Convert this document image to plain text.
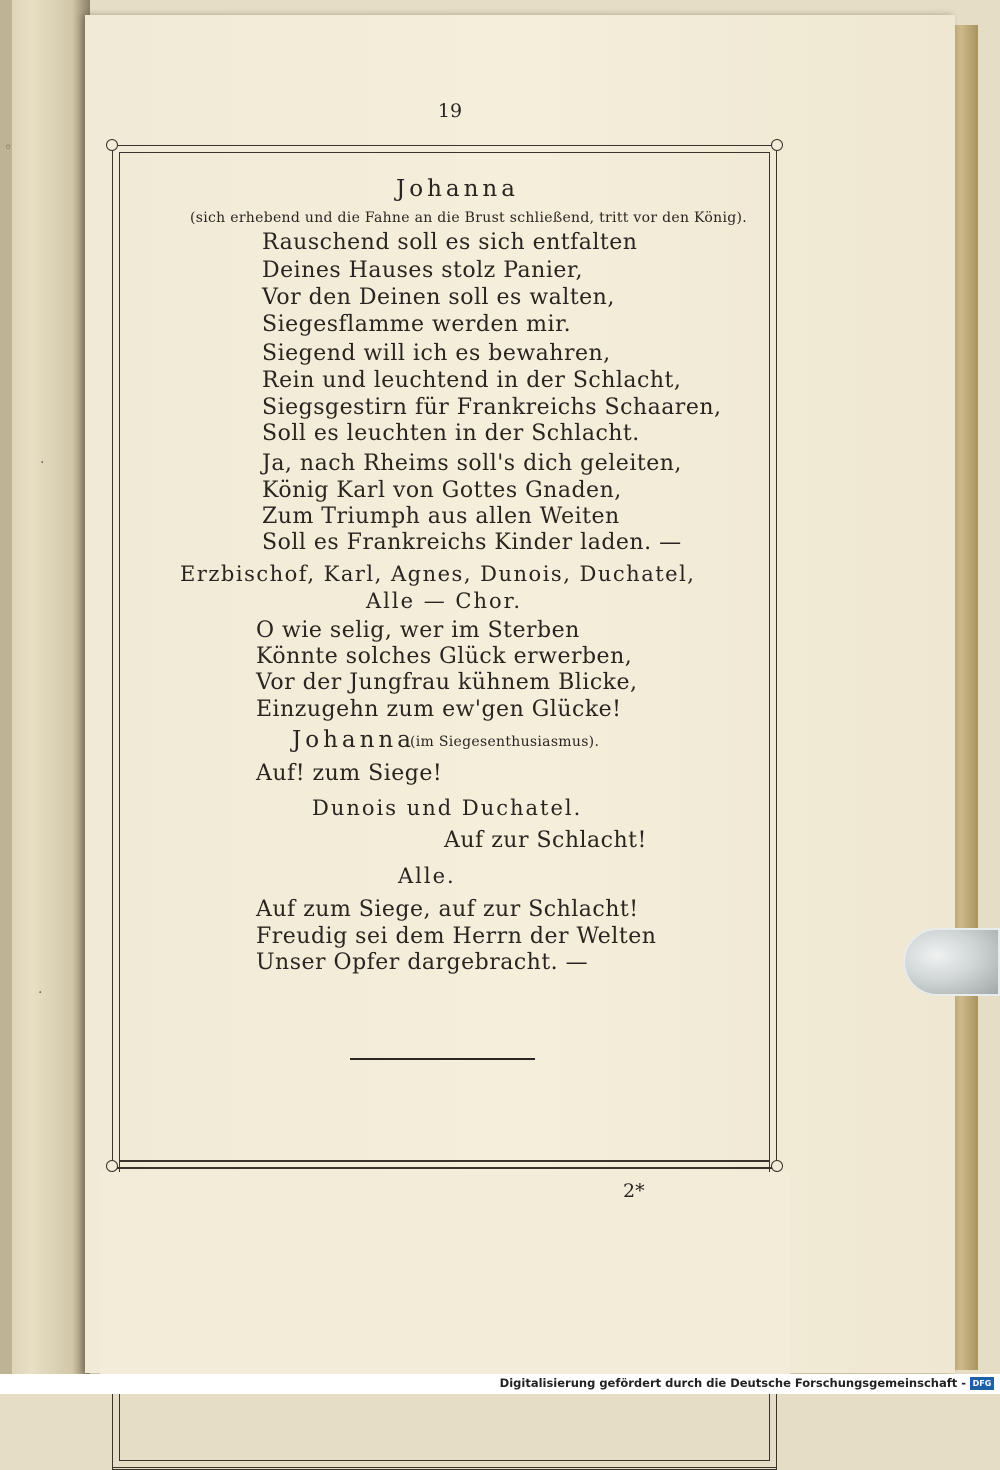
◦
·
·
19
Johanna
(sich erhebend und die Fahne an die Brust schließend, tritt vor den König).
Rauschend soll es sich entfalten
Deines Hauses stolz Panier,
Vor den Deinen soll es walten,
Siegesflamme werden mir.
Siegend will ich es bewahren,
Rein und leuchtend in der Schlacht,
Siegsgestirn für Frankreichs Schaaren,
Soll es leuchten in der Schlacht.
Ja, nach Rheims soll's dich geleiten,
König Karl von Gottes Gnaden,
Zum Triumph aus allen Weiten
Soll es Frankreichs Kinder laden. —
Erzbischof, Karl, Agnes, Dunois, Duchatel,
Alle — Chor.
O wie selig, wer im Sterben
Könnte solches Glück erwerben,
Vor der Jungfrau kühnem Blicke,
Einzugehn zum ew'gen Glücke!
Johanna
(im Siegesenthusiasmus).
Auf! zum Siege!
Dunois und Duchatel.
Auf zur Schlacht!
Alle.
Auf zum Siege, auf zur Schlacht!
Freudig sei dem Herrn der Welten
Unser Opfer dargebracht. —
2*
Digitalisierung gefördert durch die Deutsche Forschungsgemeinschaft - DFG
